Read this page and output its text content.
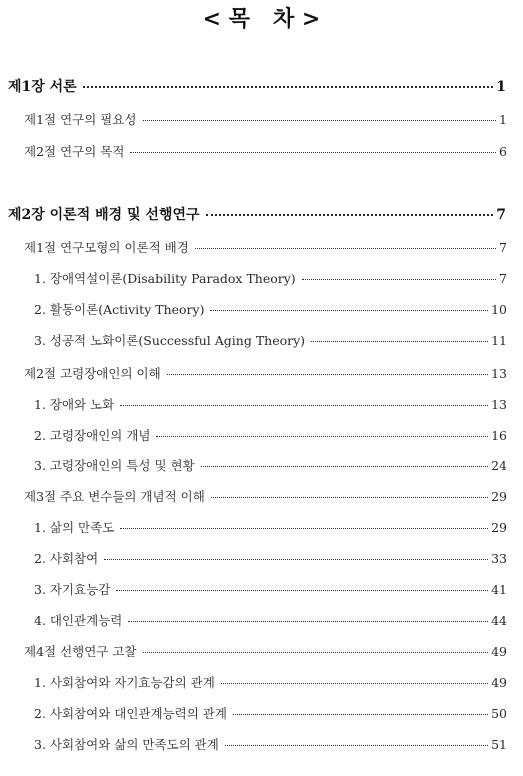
< 목   차 >
제1장 서론	1
제1절 연구의 필요성	1
제2절 연구의 목적	6
제2장 이론적 배경 및 선행연구	7
제1절 연구모형의 이론적 배경	7
1. 장애역설이론(Disability Paradox Theory)	7
2. 활동이론(Activity Theory)	10
3. 성공적 노화이론(Successful Aging Theory)	11
제2절 고령장애인의 이해	13
1. 장애와 노화	13
2. 고령장애인의 개념	16
3. 고령장애인의 특성 및 현황	24
제3절 주요 변수들의 개념적 이해	29
1. 삶의 만족도	29
2. 사회참여	33
3. 자기효능감	41
4. 대인관계능력	44
제4절 선행연구 고찰	49
1. 사회참여와 자기효능감의 관계	49
2. 사회참여와 대인관계능력의 관계	50
3. 사회참여와 삶의 만족도의 관계	51
